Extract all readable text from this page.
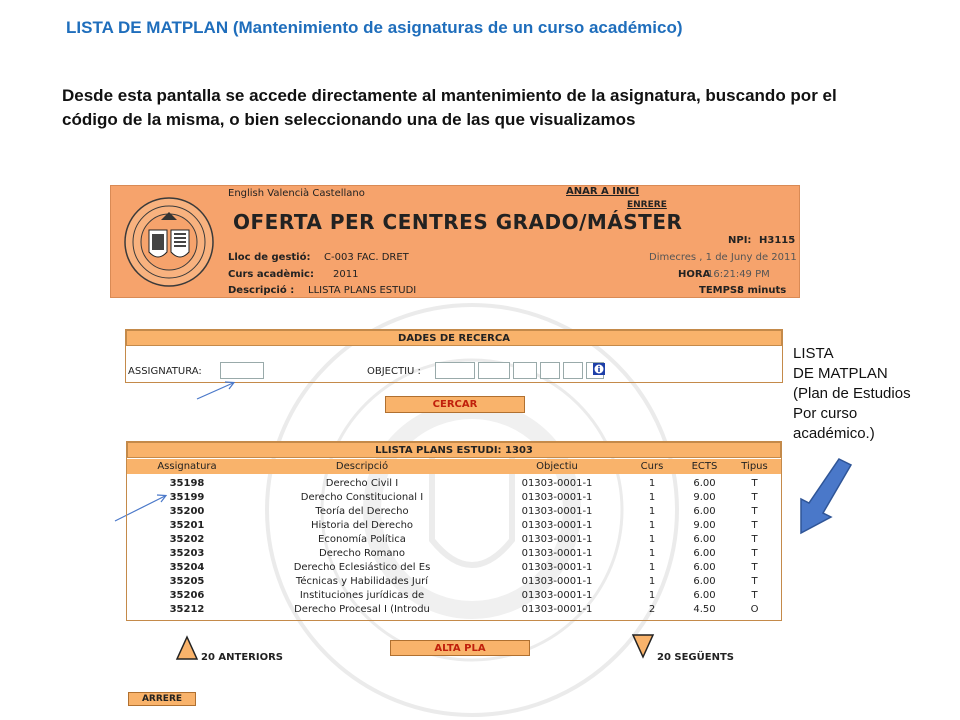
LISTA DE MATPLAN (Mantenimiento de asignaturas de un curso académico)
Desde esta pantalla se accede directamente al mantenimiento de la asignatura, buscando por el código de la misma, o bien seleccionando una de las que visualizamos
English Valencià Castellano	ANAR A INICI
ENRERE
OFERTA PER CENTRES GRADO/MÁSTER
NPI: H3115
Lloc de gestió: C-003 FAC. DRET	Dimecres , 1 de Juny de 2011
Curs acadèmic: 2011	HORA
16:21:49 PM
Descripció : LLISTA PLANS ESTUDI	TEMPS:
8 minuts
DADES DE RECERCA
ASSIGNATURA:	OBJECTIU :
CERCAR
LLISTA PLANS ESTUDI: 1303
Assignatura	Descripció	Objectiu	Curs	ECTS	Tipus
35198	Derecho Civil I	01303-0001-1	1	6.00	T
35199	Derecho Constitucional I	01303-0001-1	1	9.00	T
35200	Teoría del Derecho	01303-0001-1	1	6.00	T
35201	Historia del Derecho	01303-0001-1	1	9.00	T
35202	Economía Política	01303-0001-1	1	6.00	T
35203	Derecho Romano	01303-0001-1	1	6.00	T
35204	Derecho Eclesiástico del Es	01303-0001-1	1	6.00	T
35205	Técnicas y Habilidades Jurí	01303-0001-1	1	6.00	T
35206	Instituciones jurídicas de	01303-0001-1	1	6.00	T
35212	Derecho Procesal I (Introdu	01303-0001-1	2	4.50	O
LISTA
DE MATPLAN
(Plan de Estudios
Por curso
académico.)
20 ANTERIORS
ALTA PLA
20 SEGÜENTS
ARRERE
